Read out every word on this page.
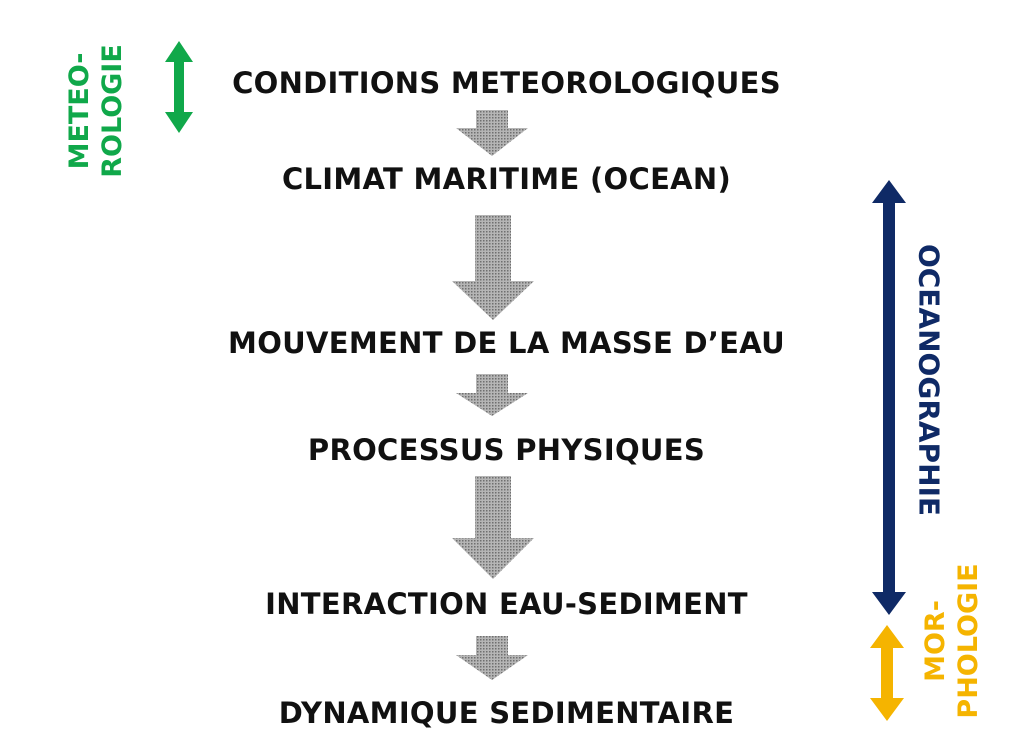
CONDITIONS METEOROLOGIQUES
CLIMAT MARITIME (OCEAN)
MOUVEMENT DE LA MASSE D’EAU
PROCESSUS PHYSIQUES
INTERACTION EAU-SEDIMENT
DYNAMIQUE SEDIMENTAIRE
METEO- ROLOGIE
OCEANOGRAPHIE
MOR- PHOLOGIE
